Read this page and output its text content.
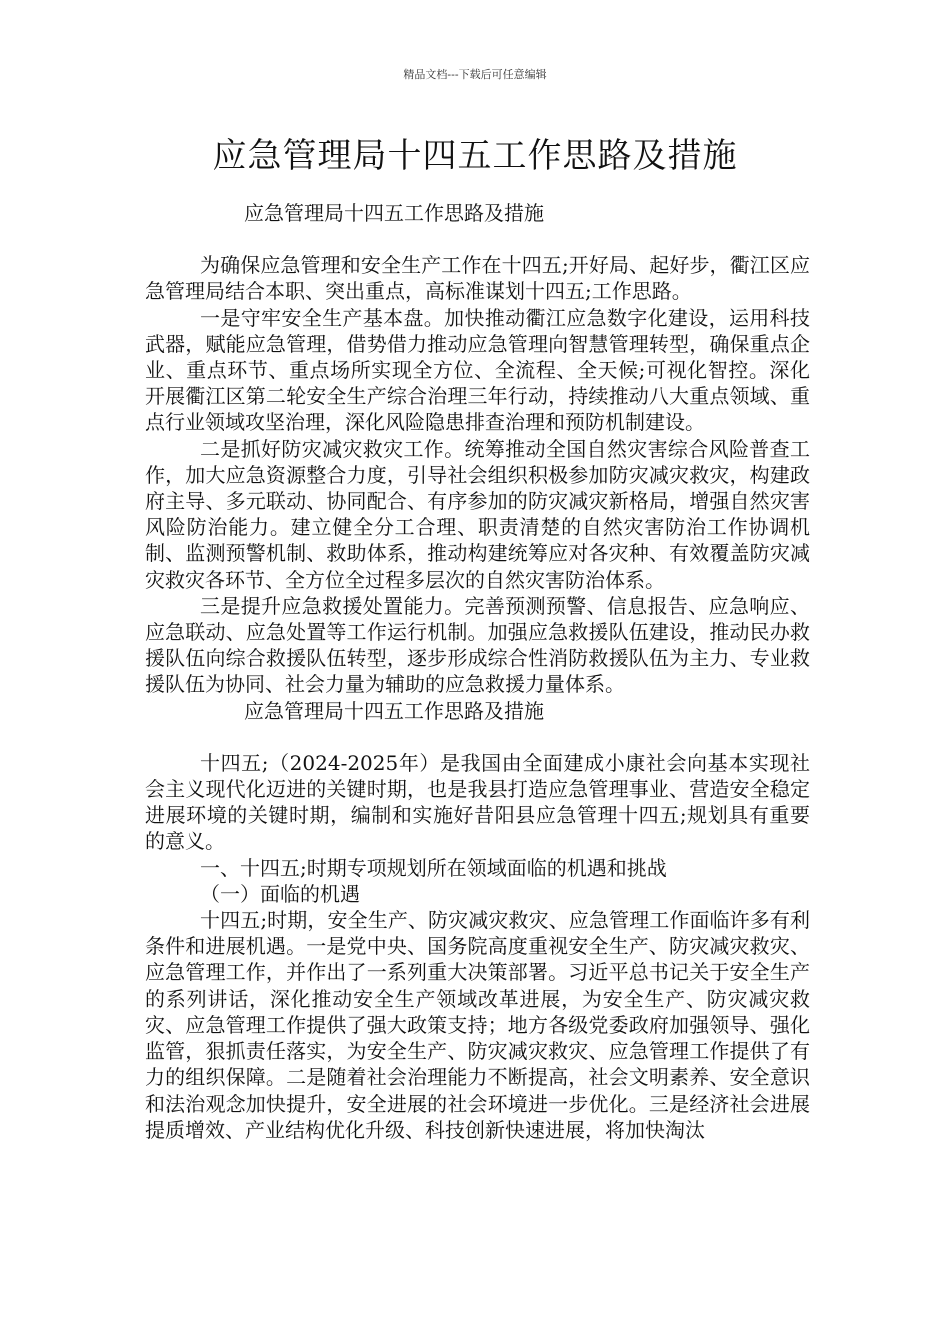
精品文档---下载后可任意编辑
应急管理局十四五工作思路及措施
应急管理局十四五工作思路及措施

为确保应急管理和安全生产工作在十四五;开好局、起好步，衢江区应急管理局结合本职、突出重点，高标准谋划十四五;工作思路。

一是守牢安全生产基本盘。加快推动衢江应急数字化建设，运用科技武器，赋能应急管理，借势借力推动应急管理向智慧管理转型，确保重点企业、重点环节、重点场所实现全方位、全流程、全天候;可视化智控。深化开展衢江区第二轮安全生产综合治理三年行动，持续推动八大重点领域、重点行业领域攻坚治理，深化风险隐患排查治理和预防机制建设。

二是抓好防灾减灾救灾工作。统筹推动全国自然灾害综合风险普查工作，加大应急资源整合力度，引导社会组织积极参加防灾减灾救灾，构建政府主导、多元联动、协同配合、有序参加的防灾减灾新格局，增强自然灾害风险防治能力。建立健全分工合理、职责清楚的自然灾害防治工作协调机制、监测预警机制、救助体系，推动构建统筹应对各灾种、有效覆盖防灾减灾救灾各环节、全方位全过程多层次的自然灾害防治体系。

三是提升应急救援处置能力。完善预测预警、信息报告、应急响应、应急联动、应急处置等工作运行机制。加强应急救援队伍建设，推动民办救援队伍向综合救援队伍转型，逐步形成综合性消防救援队伍为主力、专业救援队伍为协同、社会力量为辅助的应急救援力量体系。

应急管理局十四五工作思路及措施

十四五;（2024-2025年）是我国由全面建成小康社会向基本实现社会主义现代化迈进的关键时期，也是我县打造应急管理事业、营造安全稳定进展环境的关键时期，编制和实施好昔阳县应急管理十四五;规划具有重要的意义。

一、十四五;时期专项规划所在领域面临的机遇和挑战

（一）面临的机遇

十四五;时期，安全生产、防灾减灾救灾、应急管理工作面临许多有利条件和进展机遇。一是党中央、国务院高度重视安全生产、防灾减灾救灾、应急管理工作，并作出了一系列重大决策部署。习近平总书记关于安全生产的系列讲话，深化推动安全生产领域改革进展，为安全生产、防灾减灾救灾、应急管理工作提供了强大政策支持；地方各级党委政府加强领导、强化监管，狠抓责任落实，为安全生产、防灾减灾救灾、应急管理工作提供了有力的组织保障。二是随着社会治理能力不断提高，社会文明素养、安全意识和法治观念加快提升，安全进展的社会环境进一步优化。三是经济社会进展提质增效、产业结构优化升级、科技创新快速进展，将加快淘汰
